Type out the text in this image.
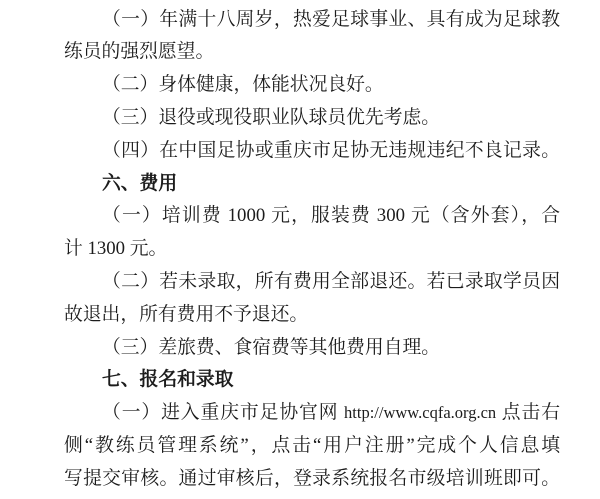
（一）年满十八周岁，热爱足球事业、具有成为足球教
练员的强烈愿望。
（二）身体健康，体能状况良好。
（三）退役或现役职业队球员优先考虑。
（四）在中国足协或重庆市足协无违规违纪不良记录。
六、费用
（一）培训费 1000 元，服装费 300 元（含外套），合
计 1300 元。
（二）若未录取，所有费用全部退还。若已录取学员因
故退出，所有费用不予退还。
（三）差旅费、食宿费等其他费用自理。
七、报名和录取
（一）进入重庆市足协官网 http://www.cqfa.org.cn 点击右
侧“教练员管理系统”，点击“用户注册”完成个人信息填
写提交审核。通过审核后，登录系统报名市级培训班即可。
